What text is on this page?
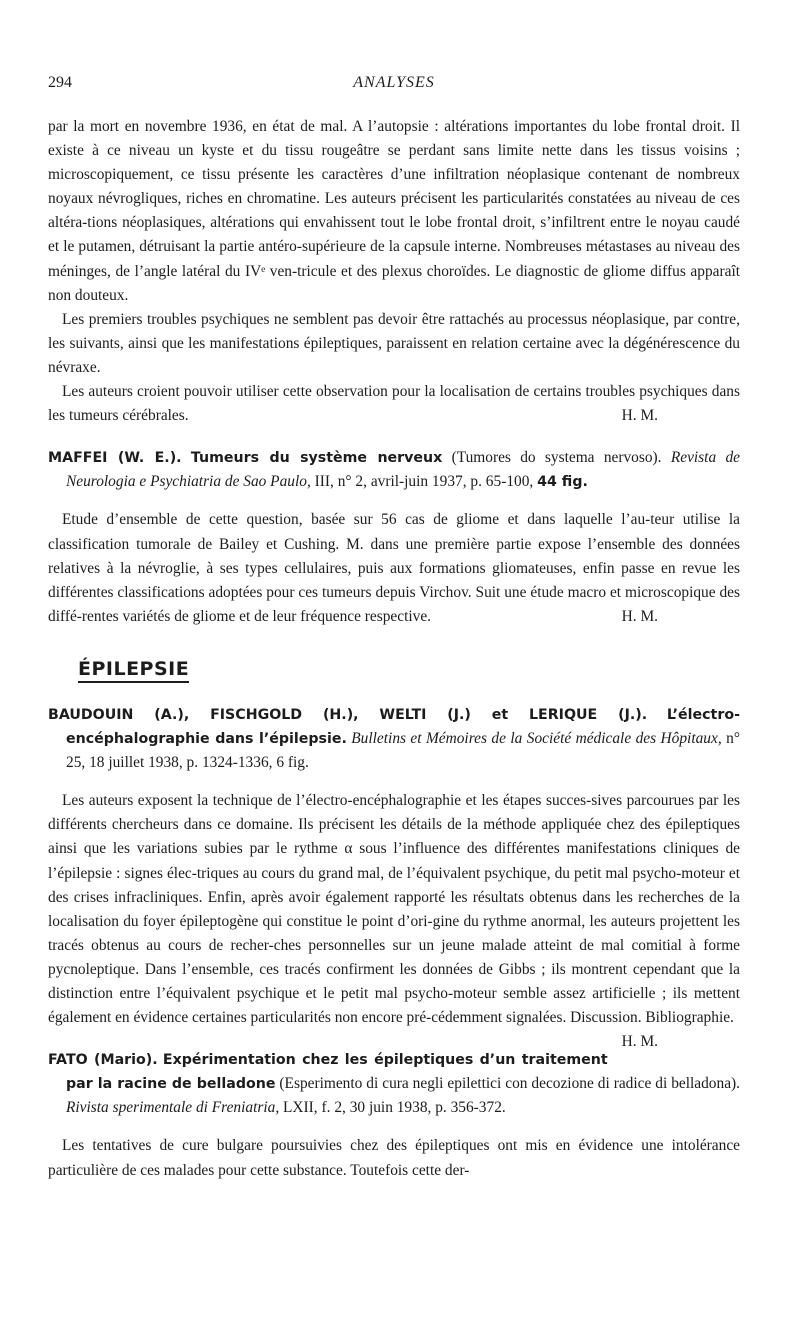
294	ANALYSES

par la mort en novembre 1936, en état de mal. A l’autopsie : altérations importantes du lobe frontal droit. Il existe à ce niveau un kyste et du tissu rougeâtre se perdant sans limite nette dans les tissus voisins ; microscopiquement, ce tissu présente les caractères d’une infiltration néoplasique contenant de nombreux noyaux névrogliques, riches en chromatine. Les auteurs précisent les particularités constatées au niveau de ces altéra-tions néoplasiques, altérations qui envahissent tout le lobe frontal droit, s’infiltrent entre le noyau caudé et le putamen, détruisant la partie antéro-supérieure de la capsule interne. Nombreuses métastases au niveau des méninges, de l’angle latéral du IVᵉ ven-tricule et des plexus choroïdes. Le diagnostic de gliome diffus apparaît non douteux.

Les premiers troubles psychiques ne semblent pas devoir être rattachés au processus néoplasique, par contre, les suivants, ainsi que les manifestations épileptiques, paraissent en relation certaine avec la dégénérescence du névraxe.

Les auteurs croient pouvoir utiliser cette observation pour la localisation de certains troubles psychiques dans les tumeurs cérébrales.	H. M.

MAFFEI (W. E.). Tumeurs du système nerveux (Tumores do systema nervoso). Revista de Neurologia e Psychiatria de Sao Paulo, III, n° 2, avril-juin 1937, p. 65-100, 44 fig.

Etude d’ensemble de cette question, basée sur 56 cas de gliome et dans laquelle l’au-teur utilise la classification tumorale de Bailey et Cushing. M. dans une première partie expose l’ensemble des données relatives à la névroglie, à ses types cellulaires, puis aux formations gliomateuses, enfin passe en revue les différentes classifications adoptées pour ces tumeurs depuis Virchov. Suit une étude macro et microscopique des diffé-rentes variétés de gliome et de leur fréquence respective.	H. M.

ÉPILEPSIE

BAUDOUIN (A.), FISCHGOLD (H.), WELTI (J.) et LERIQUE (J.). L’électro-encéphalographie dans l’épilepsie. Bulletins et Mémoires de la Société médicale des Hôpitaux, n° 25, 18 juillet 1938, p. 1324-1336, 6 fig.

Les auteurs exposent la technique de l’électro-encéphalographie et les étapes succes-sives parcourues par les différents chercheurs dans ce domaine. Ils précisent les détails de la méthode appliquée chez des épileptiques ainsi que les variations subies par le rythme α sous l’influence des différentes manifestations cliniques de l’épilepsie : signes élec-triques au cours du grand mal, de l’équivalent psychique, du petit mal psycho-moteur et des crises infracliniques. Enfin, après avoir également rapporté les résultats obtenus dans les recherches de la localisation du foyer épileptogène qui constitue le point d’ori-gine du rythme anormal, les auteurs projettent les tracés obtenus au cours de recher-ches personnelles sur un jeune malade atteint de mal comitial à forme pycnoleptique. Dans l’ensemble, ces tracés confirment les données de Gibbs ; ils montrent cependant que la distinction entre l’équivalent psychique et le petit mal psycho-moteur semble assez artificielle ; ils mettent également en évidence certaines particularités non encore pré-cédemment signalées. Discussion. Bibliographie.
H. M.

FATO (Mario). Expérimentation chez les épileptiques d’un traitement par la racine de belladone (Esperimento di cura negli epilettici con decozione di radice di belladona). Rivista sperimentale di Freniatria, LXII, f. 2, 30 juin 1938, p. 356-372.

Les tentatives de cure bulgare poursuivies chez des épileptiques ont mis en évidence une intolérance particulière de ces malades pour cette substance. Toutefois cette der-
